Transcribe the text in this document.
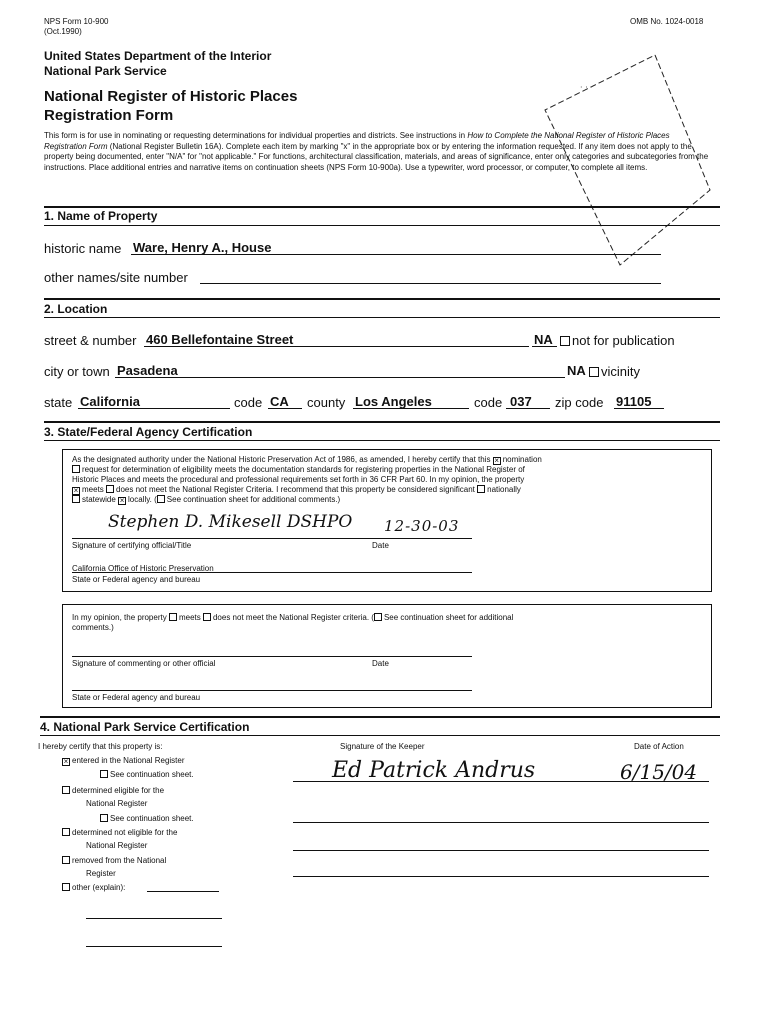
NPS Form 10-900
(Oct.1990)
OMB No. 1024-0018
United States Department of the Interior
National Park Service
National Register of Historic Places
Registration Form
· · ·
This form is for use in nominating or requesting determinations for individual properties and districts. See instructions in How to Complete the National Register of Historic Places Registration Form (National Register Bulletin 16A). Complete each item by marking "x" in the appropriate box or by entering the information requested. If any item does not apply to the property being documented, enter "N/A" for "not applicable." For functions, architectural classification, materials, and areas of significance, enter only categories and subcategories from the instructions. Place additional entries and narrative items on continuation sheets (NPS Form 10-900a). Use a typewriter, word processor, or computer, to complete all items.
1. Name of Property
historic name Ware, Henry A., House
other names/site number
2. Location
street & number 460 Bellefontaine Street	NA	not for publication
city or town Pasadena	NA	vicinity
state California	code CA county Los Angeles	code 037 zip code 91105
3. State/Federal Agency Certification
As the designated authority under the National Historic Preservation Act of 1986, as amended, I hereby certify that this × nomination
request for determination of eligibility meets the documentation standards for registering properties in the National Register of
Historic Places and meets the procedural and professional requirements set forth in 36 CFR Part 60. In my opinion, the property
× meets does not meet the National Register Criteria. I recommend that this property be considered significant nationally
statewide × locally. ( See continuation sheet for additional comments.)
Stephen D. Mikesell DSHPO 12-30-03
Signature of certifying official/Title	Date
California Office of Historic Preservation
State or Federal agency and bureau
In my opinion, the property meets does not meet the National Register criteria. ( See continuation sheet for additional
comments.)
Signature of commenting or other official	Date
State or Federal agency and bureau
4. National Park Service Certification
I hereby certify that this property is:
× entered in the National Register
See continuation sheet.
determined eligible for the
National Register
See continuation sheet.
determined not eligible for the
National Register
removed from the National
Register
other (explain):
Signature of the Keeper	Date of Action
Ed Patrick Andrus	6/15/04
